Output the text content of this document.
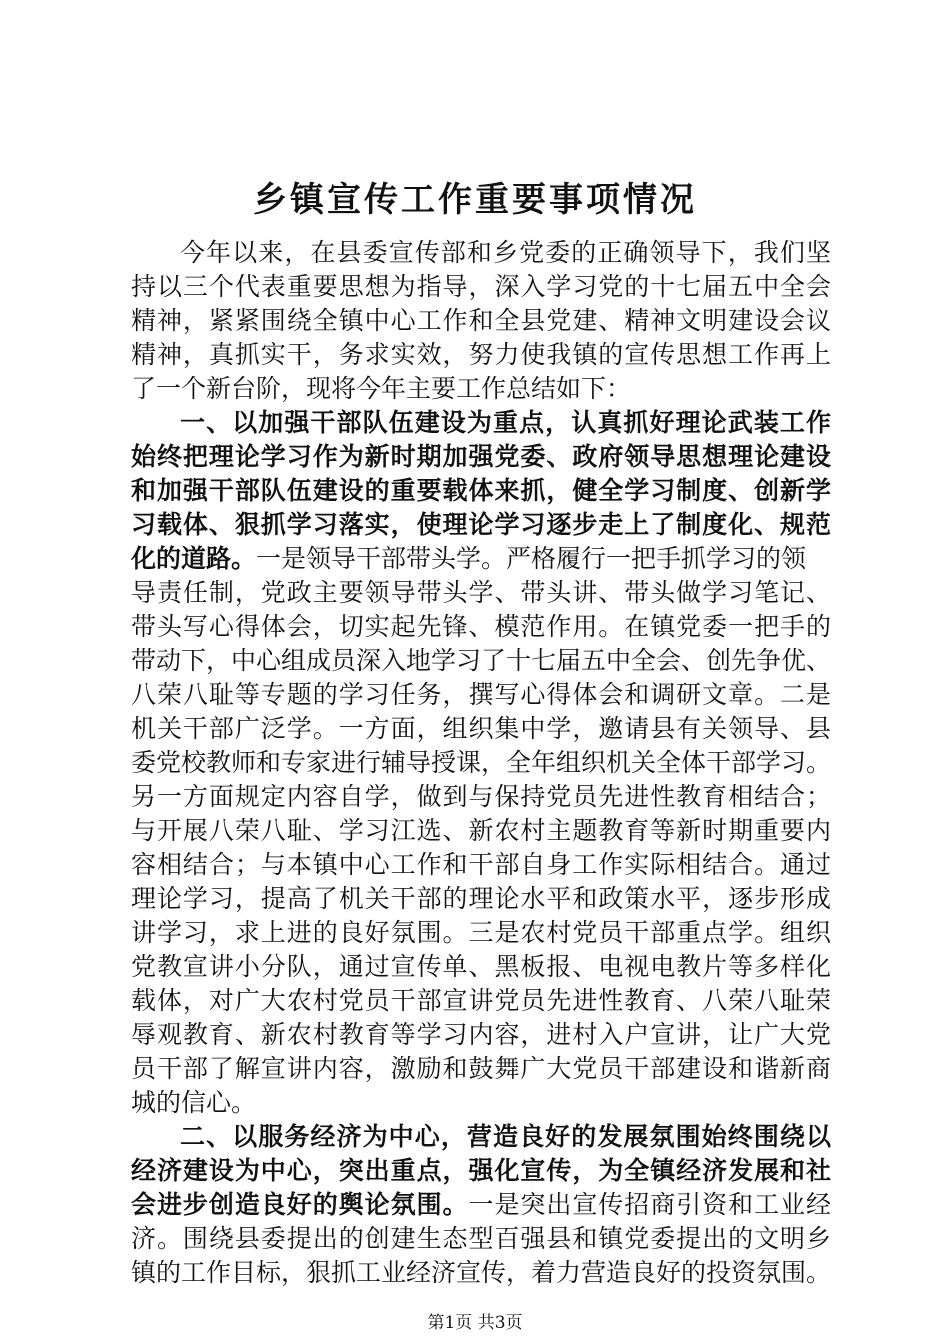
乡镇宣传工作重要事项情况
今年以来，在县委宣传部和乡党委的正确领导下，我们坚
持以三个代表重要思想为指导，深入学习党的十七届五中全会
精神，紧紧围绕全镇中心工作和全县党建、精神文明建设会议
精神，真抓实干，务求实效，努力使我镇的宣传思想工作再上
了一个新台阶，现将今年主要工作总结如下：
一、以加强干部队伍建设为重点，认真抓好理论武装工作
始终把理论学习作为新时期加强党委、政府领导思想理论建设
和加强干部队伍建设的重要载体来抓，健全学习制度、创新学
习载体、狠抓学习落实，使理论学习逐步走上了制度化、规范
化的道路。一是领导干部带头学。严格履行一把手抓学习的领
导责任制，党政主要领导带头学、带头讲、带头做学习笔记、
带头写心得体会，切实起先锋、模范作用。在镇党委一把手的
带动下，中心组成员深入地学习了十七届五中全会、创先争优、
八荣八耻等专题的学习任务，撰写心得体会和调研文章。二是
机关干部广泛学。一方面，组织集中学，邀请县有关领导、县
委党校教师和专家进行辅导授课，全年组织机关全体干部学习。
另一方面规定内容自学，做到与保持党员先进性教育相结合；
与开展八荣八耻、学习江选、新农村主题教育等新时期重要内
容相结合；与本镇中心工作和干部自身工作实际相结合。通过
理论学习，提高了机关干部的理论水平和政策水平，逐步形成
讲学习，求上进的良好氛围。三是农村党员干部重点学。组织
党教宣讲小分队，通过宣传单、黑板报、电视电教片等多样化
载体，对广大农村党员干部宣讲党员先进性教育、八荣八耻荣
辱观教育、新农村教育等学习内容，进村入户宣讲，让广大党
员干部了解宣讲内容，激励和鼓舞广大党员干部建设和谐新商
城的信心。
二、以服务经济为中心，营造良好的发展氛围始终围绕以
经济建设为中心，突出重点，强化宣传，为全镇经济发展和社
会进步创造良好的舆论氛围。一是突出宣传招商引资和工业经
济。围绕县委提出的创建生态型百强县和镇党委提出的文明乡
第1页 共3页
镇的工作目标，狠抓工业经济宣传，着力营造良好的投资氛围。
